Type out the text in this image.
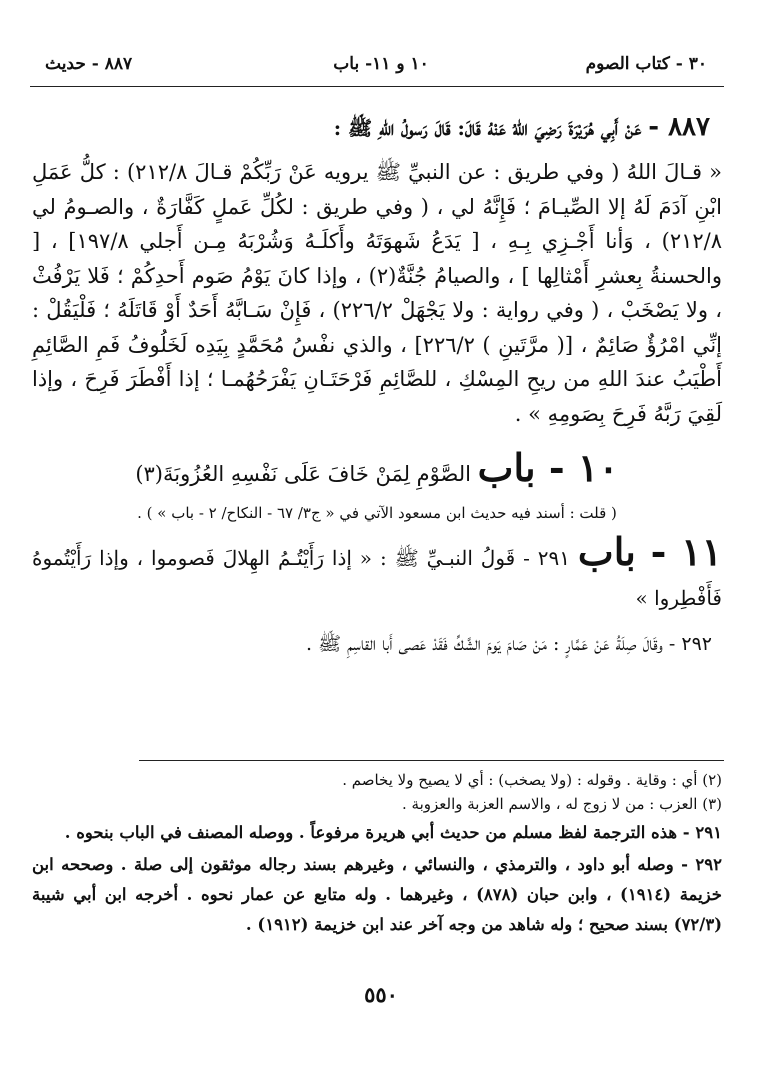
٣٠ - كتاب الصوم
١٠ و ١١- باب
٨٨٧ - حديث

٨٨٧ - عَنْ أَبِي هُرَيْرَةَ رَضِيَ اللهُ عَنْهُ قَالَ: قَالَ رَسولُ اللهِ ﷺ :

« قـالَ اللهُ ( وفي طريق : عن النبيِّ ﷺ يرويه عَنْ رَبِّكُمْ قـالَ ٢١٢/٨) : كلُّ عَمَلِ ابْنِ آدَمَ لَهُ إلا الصِّيـامَ ؛ فَإِنَّهُ لي ، ( وفي طريق : لكُلِّ عَملٍ كَفَّارَةٌ ، والصـومُ لي ٢١٢/٨) ، وَأنا أَجْـزِي بِـهِ ، [ يَدَعُ شَهوَتَهُ وأَكلَـهُ وَشُرْبَهُ مِـن أَجلي ١٩٧/٨] ، [ والحسنةُ بِعشرِ أَمْثالِها ] ، والصيامُ جُنَّةٌ(٢) ، وإذا كانَ يَوْمُ صَوم أَحدِكُمْ ؛ فَلا يَرْفُثْ ، ولا يَصْخَبْ ، ( وفي رواية : ولا يَجْهَلْ ٢٢٦/٢) ، فَإِنْ سَـابَّهُ أَحَدٌ أَوْ قَاتَلَهُ ؛ فَلْيَقُلْ : إنِّي امْرُؤٌ صَائِمٌ ، [( مرَّتَينِ ) ٢٢٦/٢] ، والذي نفْسُ مُحَمَّدٍ بِيَدِه لَخَلُوفُ فَمِ الصَّائِمِ أَطْيَبُ عندَ اللهِ من ريحِ المِسْكِ ، للصَّائِمِ فَرْحَتَـانِ يَفْرَحُهُمـا ؛ إذا أَفْطَرَ فَرِحَ ، وإذا لَقِيَ رَبَّهُ فَرِحَ بِصَومِهِ » .

١٠ - باب الصَّوْمِ لِمَنْ خَافَ عَلَى نَفْسِهِ العُزُوبَةَ(٣)
( قلت : أسند فيه حديث ابن مسعود الآتي في « ج٣/ ٦٧ - النكاح/ ٢ - باب » ) .
١١ - باب ٢٩١ - قَولُ النبـيِّ ﷺ : « إذا رَأَيْتُـمُ الهِلالَ فَصوموا ، وإذا رَأَيْتُموهُ فَأَفْطِروا »
٢٩٢ - وقَالَ صِلَةُ عَنْ عَمَّارٍ : مَنْ صَامَ يَومَ الشَّكِّ فَقَدْ عَصى أَبا القاسِمِ ﷺ .

(٢) أي : وقاية . وقوله : (ولا يصخب) : أي لا يصيح ولا يخاصم .

(٣) العزب : من لا زوج له ، والاسم العزبة والعزوبة .

٢٩١ - هذه الترجمة لفظ مسلم من حديث أبي هريرة مرفوعاً . ووصله المصنف في الباب بنحوه .

٢٩٢ - وصله أبو داود ، والترمذي ، والنسائي ، وغيرهم بسند رجاله موثقون إلى صلة . وصححه ابن خزيمة (١٩١٤) ، وابن حبان (٨٧٨) ، وغيرهما . وله متابع عن عمار نحوه . أخرجه ابن أبي شيبة (٧٢/٣) بسند صحيح ؛ وله شاهد من وجه آخر عند ابن خزيمة (١٩١٢) .

٥٥٠
